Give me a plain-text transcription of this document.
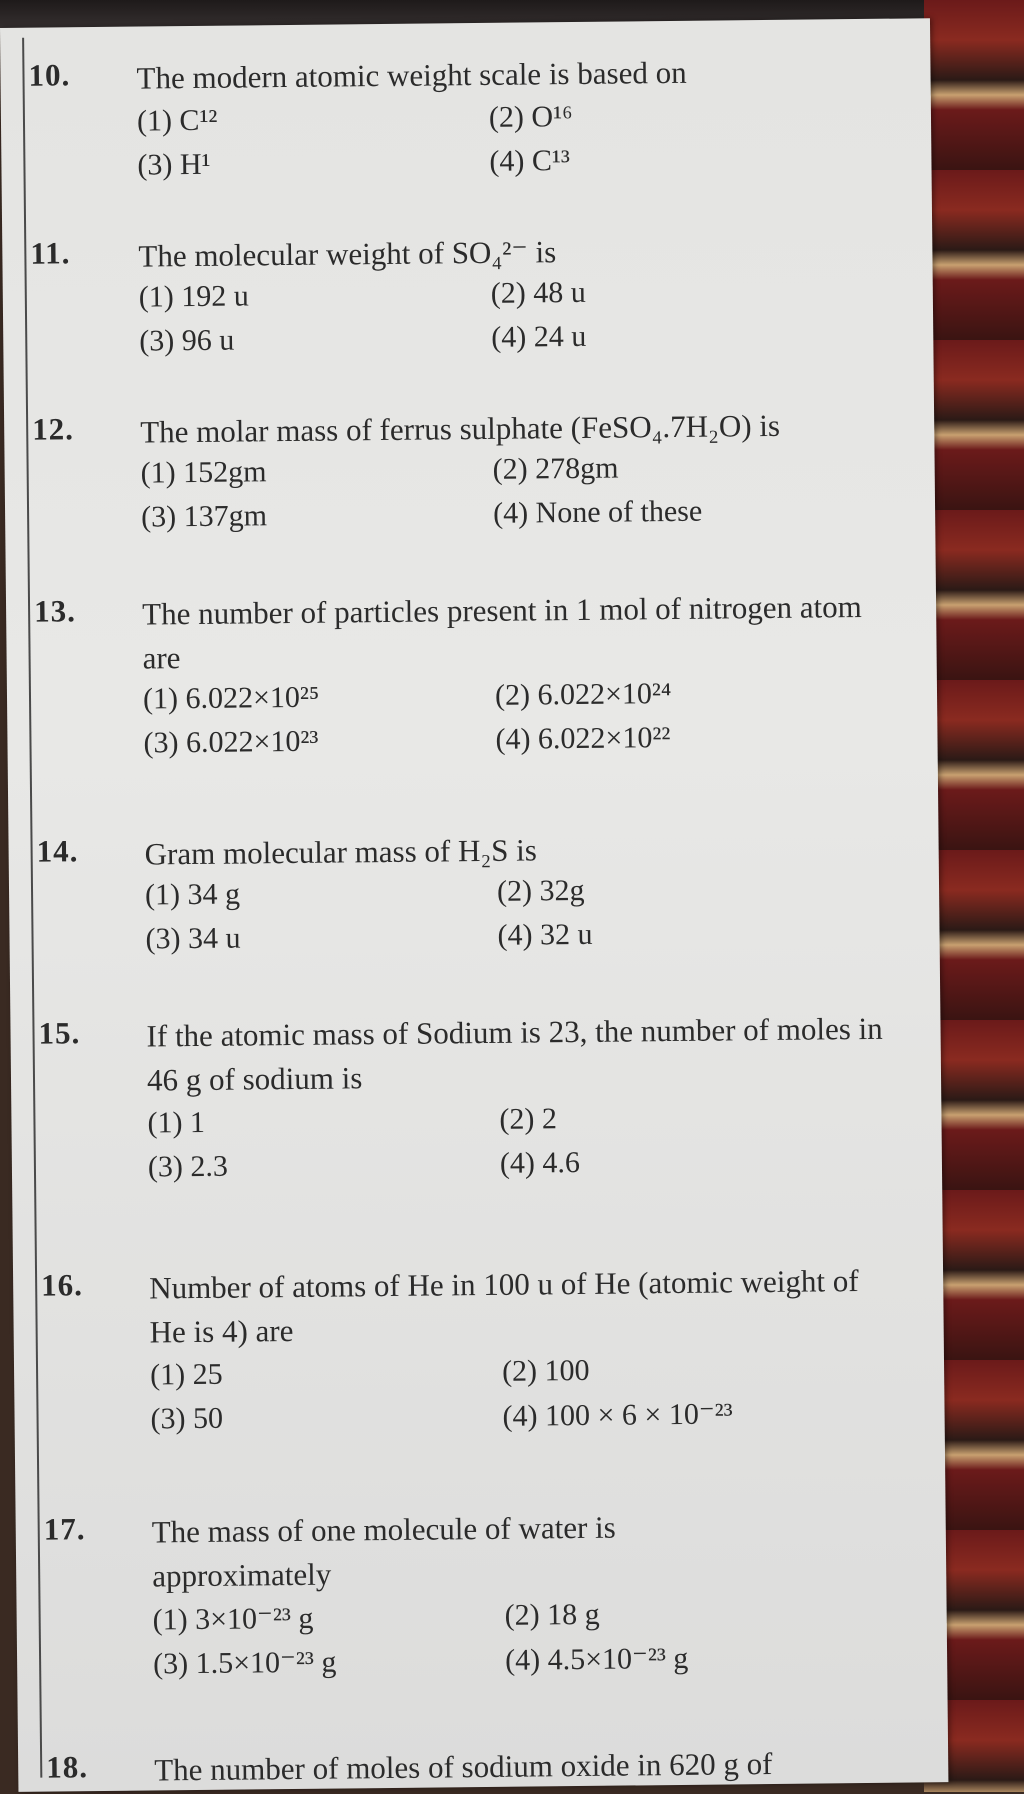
10. The modern atomic weight scale is based on
(1) C¹²	(2) O¹⁶
(3) H¹	(4) C¹³
11. The molecular weight of SO₄²⁻ is
(1) 192 u	(2) 48 u
(3) 96 u	(4) 24 u
12. The molar mass of ferrus sulphate (FeSO₄.7H₂O) is
(1) 152gm	(2) 278gm
(3) 137gm	(4) None of these
13. The number of particles present in 1 mol of nitrogen atom are
(1) 6.022×10²⁵	(2) 6.022×10²⁴
(3) 6.022×10²³	(4) 6.022×10²²
14. Gram molecular mass of H₂S is
(1) 34 g	(2) 32g
(3) 34 u	(4) 32 u
15. If the atomic mass of Sodium is 23, the number of moles in 46 g of sodium is
(1) 1	(2) 2
(3) 2.3	(4) 4.6
16. Number of atoms of He in 100 u of He (atomic weight of He is 4) are
(1) 25	(2) 100
(3) 50	(4) 100 × 6 × 10⁻²³
17. The mass of one molecule of water is approximately
(1) 3×10⁻²³ g	(2) 18 g
(3) 1.5×10⁻²³ g	(4) 4.5×10⁻²³ g
18. The number of moles of sodium oxide in 620 g of
